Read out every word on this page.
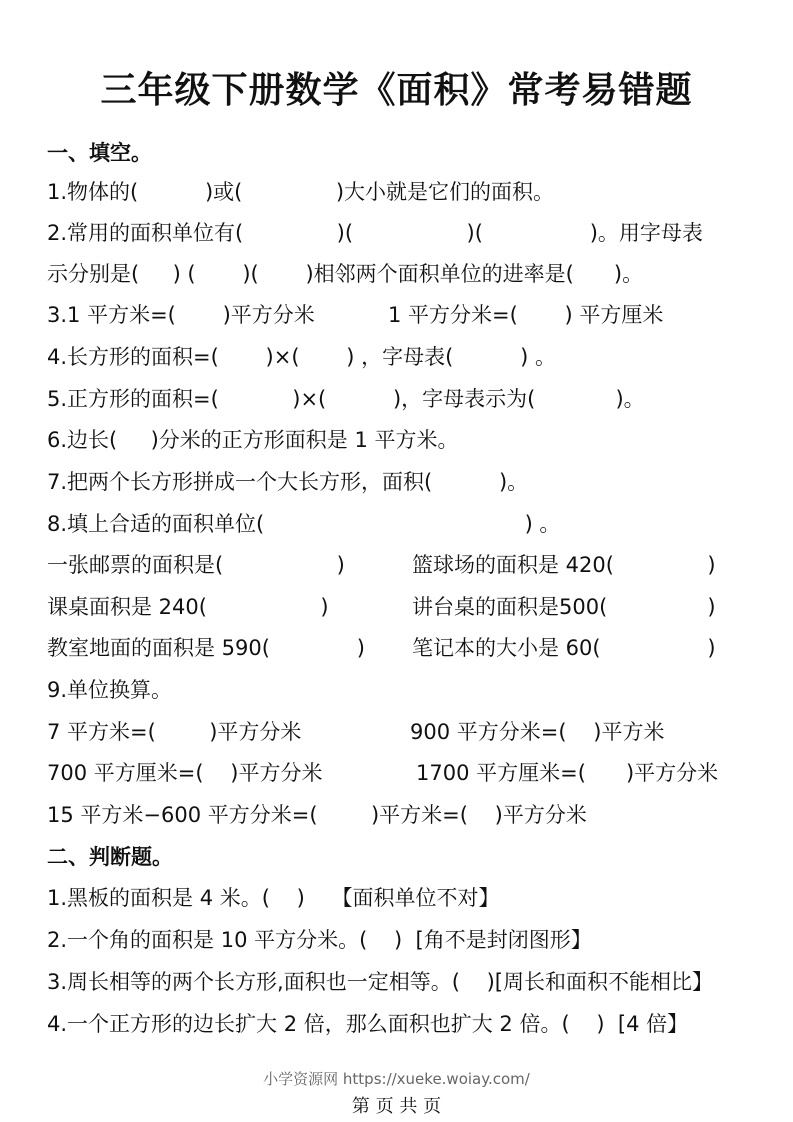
三年级下册数学《面积》常考易错题
一、填空。
1.物体的(          )或(              )大小就是它们的面积。
2.常用的面积单位有(              )(                 )(                )。用字母表
示分别是(     ) (       )(       )相邻两个面积单位的进率是(      )。
3.1 平方米=(       )平方分米	1 平方分米=(       ) 平方厘米
4.长方形的面积=(       )×(       ) ，字母表(          ) 。
5.正方形的面积=(           )×(          )，字母表示为(            )。
6.边长(     )分米的正方形面积是 1 平方米。
7.把两个长方形拼成一个大长方形，面积(          )。
8.填上合适的面积单位(                                       ) 。
一张邮票的面积是(                 )	篮球场的面积是 420(              )
课桌面积是 240(                 )	讲台桌的面积是500(               )
教室地面的面积是 590(             ) 笔记本的大小是 60(                )
9.单位换算。
7 平方米=(        )平方分米	900 平方分米=(    )平方米
700 平方厘米=(    )平方分米	1700 平方厘米=(      )平方分米
15 平方米−600 平方分米=(        )平方米=(    )平方分米
二、判断题。
1.黑板的面积是 4 米。(    )    【面积单位不对】
2.一个角的面积是 10 平方分米。(    )  [角不是封闭图形】
3.周长相等的两个长方形,面积也一定相等。(    )[周长和面积不能相比】
4.一个正方形的边长扩大 2 倍，那么面积也扩大 2 倍。(    )  [4 倍】
小学资源网 https://xueke.woiay.com/
第 页 共 页
